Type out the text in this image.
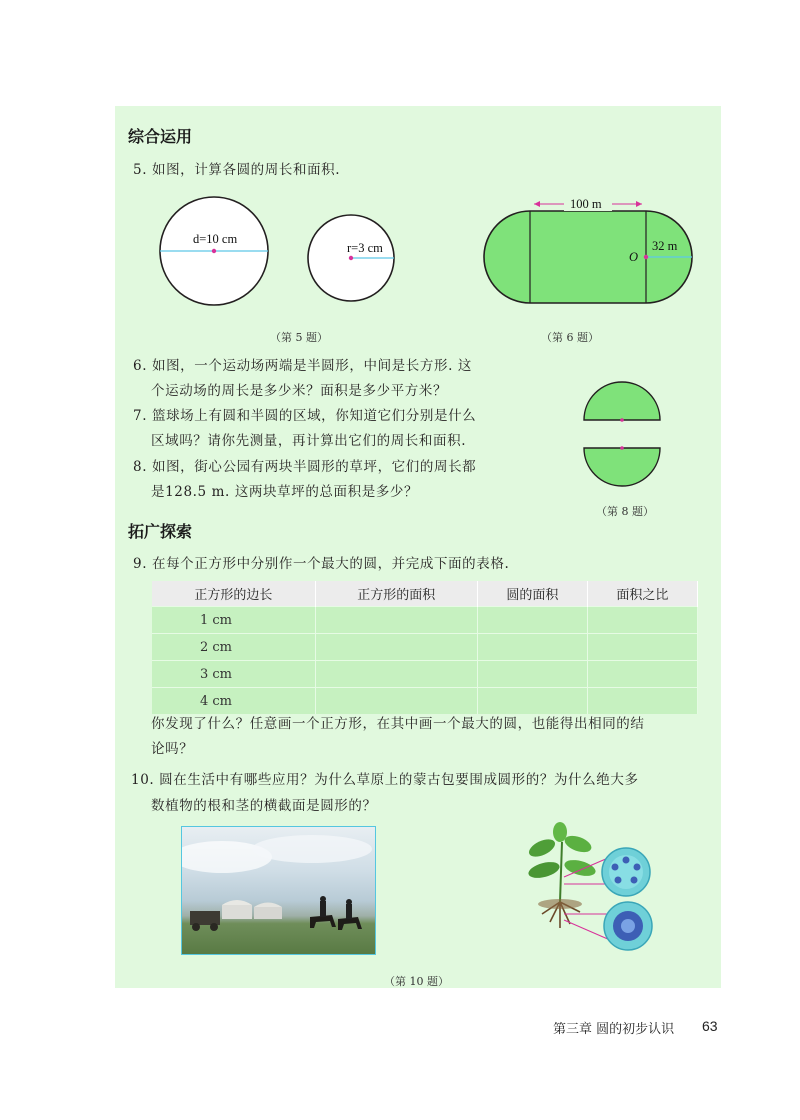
综合运用
5. 如图，计算各圆的周长和面积.
d=10 cm
r=3 cm
（第 5 题）
100 m
32 m
O
（第 6 题）
6. 如图，一个运动场两端是半圆形，中间是长方形. 这
个运动场的周长是多少米？面积是多少平方米？
7. 篮球场上有圆和半圆的区域，你知道它们分别是什么
区域吗？请你先测量，再计算出它们的周长和面积.
8. 如图，街心公园有两块半圆形的草坪，它们的周长都
是128.5 m. 这两块草坪的总面积是多少？
（第 8 题）
拓广探索
9. 在每个正方形中分别作一个最大的圆，并完成下面的表格.
正方形的边长	正方形的面积	圆的面积	面积之比
1 cm			
2 cm			
3 cm			
4 cm			
你发现了什么？任意画一个正方形，在其中画一个最大的圆，也能得出相同的结
论吗？
10. 圆在生活中有哪些应用？为什么草原上的蒙古包要围成圆形的？为什么绝大多
数植物的根和茎的横截面是圆形的？
（第 10 题）
第三章 圆的初步认识 63
